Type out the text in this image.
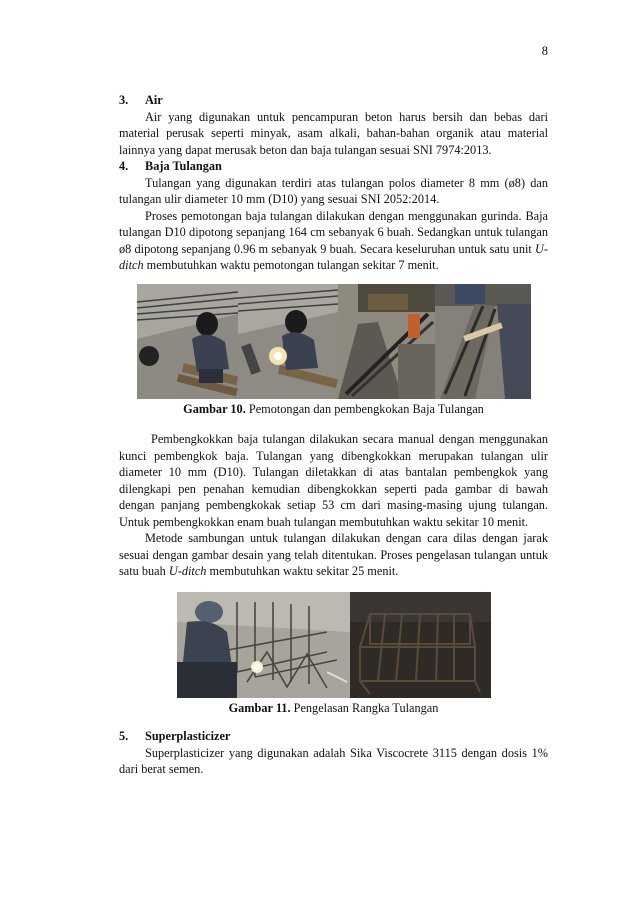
8

3. Air

Air yang digunakan untuk pencampuran beton harus bersih dan bebas dari material perusak seperti minyak, asam alkali, bahan-bahan organik atau material lainnya yang dapat merusak beton dan baja tulangan sesuai SNI 7974:2013.

4. Baja Tulangan

Tulangan yang digunakan terdiri atas tulangan polos diameter 8 mm (ø8) dan tulangan ulir diameter 10 mm (D10) yang sesuai SNI 2052:2014.

Proses pemotongan baja tulangan dilakukan dengan menggunakan gurinda. Baja tulangan D10 dipotong sepanjang 164 cm sebanyak 6 buah. Sedangkan untuk tulangan ø8 dipotong sepanjang 0.96 m sebanyak 9 buah. Secara keseluruhan untuk satu unit U-ditch membutuhkan waktu pemotongan tulangan sekitar 7 menit.

Gambar 10. Pemotongan dan pembengkokan Baja Tulangan

Pembengkokkan baja tulangan dilakukan secara manual dengan menggunakan kunci pembengkok baja. Tulangan yang dibengkokkan merupakan tulangan ulir diameter 10 mm (D10). Tulangan diletakkan di atas bantalan pembengkok yang dilengkapi pen penahan kemudian dibengkokkan seperti pada gambar di bawah dengan panjang pembengkokak setiap 53 cm dari masing-masing ujung tulangan. Untuk pembengkokkan enam buah tulangan membutuhkan waktu sekitar 10 menit.

Metode sambungan untuk tulangan dilakukan dengan cara dilas dengan jarak sesuai dengan gambar desain yang telah ditentukan. Proses pengelasan tulangan untuk satu buah U-ditch membutuhkan waktu sekitar 25 menit.

Gambar 11. Pengelasan Rangka Tulangan

5. Superplasticizer

Superplasticizer yang digunakan adalah Sika Viscocrete 3115 dengan dosis 1% dari berat semen.
